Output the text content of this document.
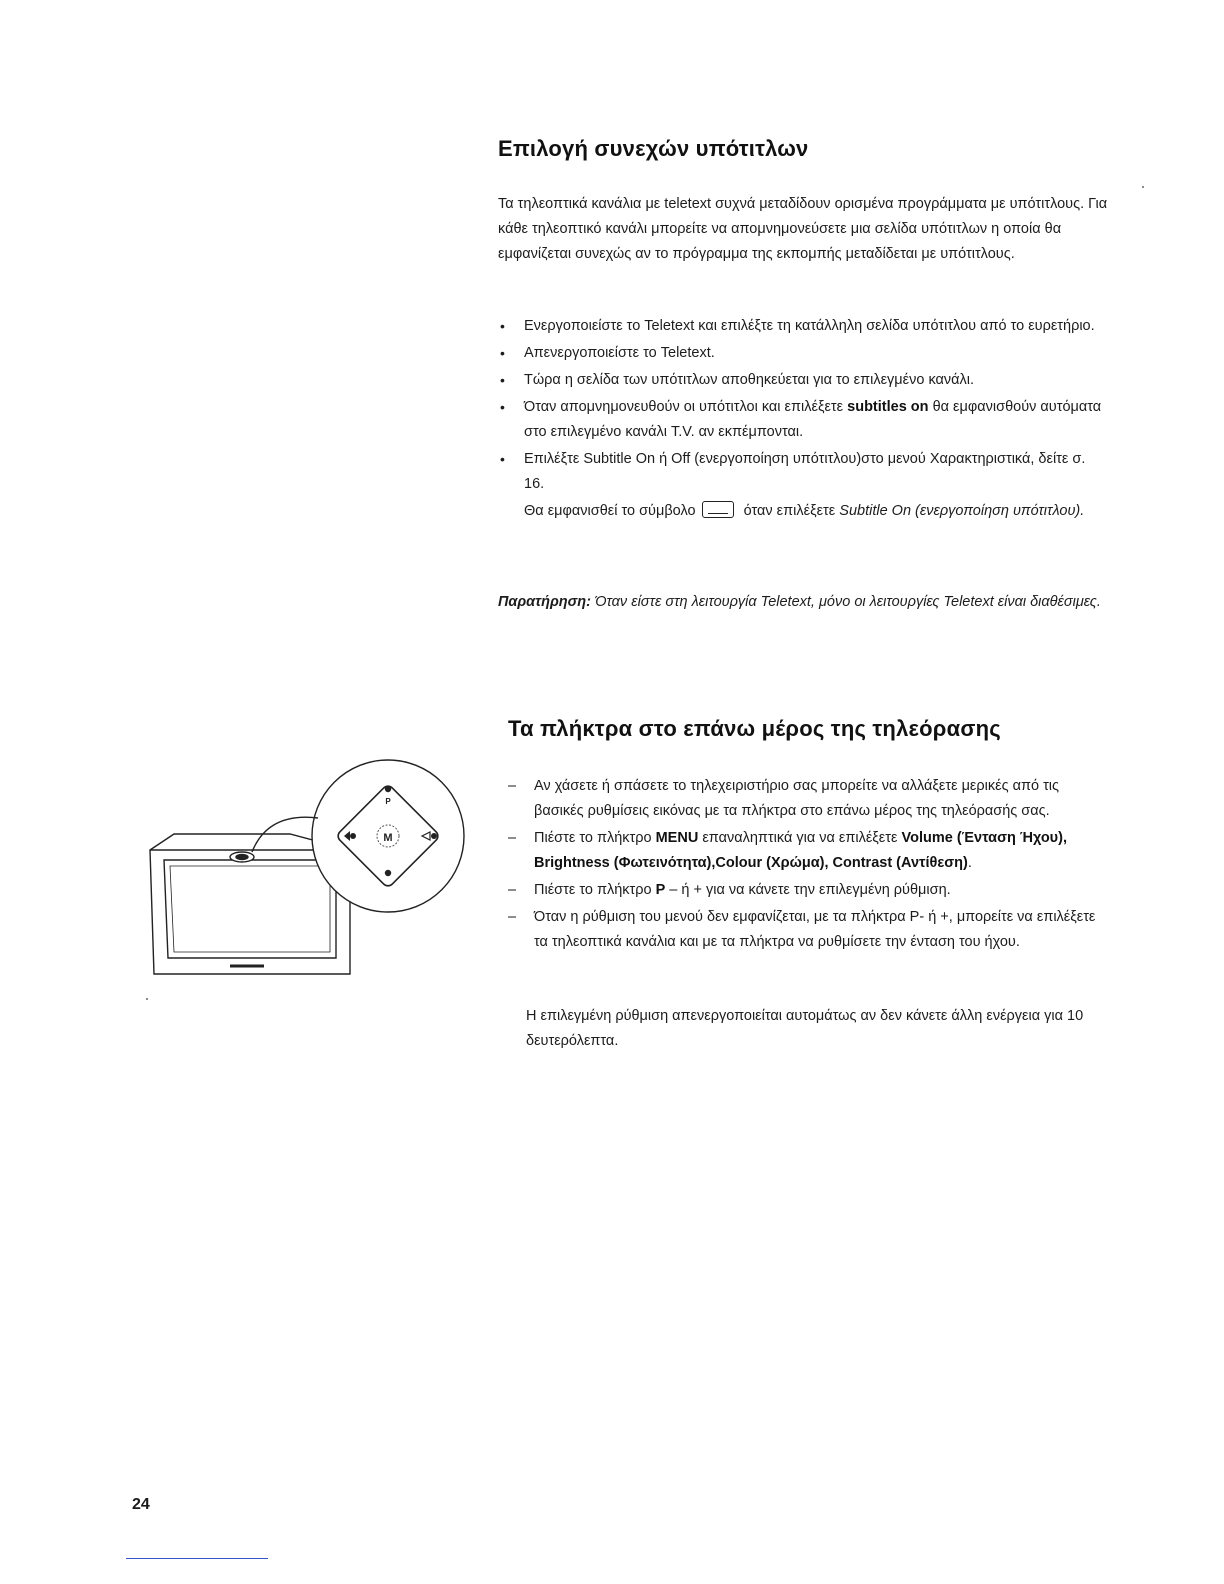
Επιλογή συνεχών υπότιτλων
Τα τηλεοπτικά κανάλια με teletext συχνά μεταδίδουν ορισμένα προγράμματα με υπότιτλους. Για κάθε τηλεοπτικό κανάλι μπορείτε να απομνημονεύσετε μια σελίδα υπότιτλων η οποία θα εμφανίζεται συνεχώς αν το πρόγραμμα της εκπομπής μεταδίδεται με υπότιτλους.
• Ενεργοποιείστε το Teletext και επιλέξτε τη κατάλληλη σελίδα υπότιτλου από το ευρετήριο.
• Απενεργοποιείστε το Teletext.
• Τώρα η σελίδα των υπότιτλων αποθηκεύεται για το επιλεγμένο κανάλι.
• Όταν απομνημονευθούν οι υπότιτλοι και επιλέξετε subtitles on θα εμφανισθούν αυτόματα στο επιλεγμένο κανάλι T.V. αν εκπέμπονται.
• Επιλέξτε Subtitle On ή Off (ενεργοποίηση υπότιτλου)στο μενού Χαρακτηριστικά, δείτε σ. 16.
Θα εμφανισθεί το σύμβολο	όταν επιλέξετε Subtitle On (ενεργοποίηση υπότιτλου).
Παρατήρηση: Όταν είστε στη λειτουργία Teletext, μόνο οι λειτουργίες Teletext είναι διαθέσιμες.
Τα πλήκτρα στο επάνω μέρος της τηλεόρασης
– Αν χάσετε ή σπάσετε το τηλεχειριστήριο σας μπορείτε να αλλάξετε μερικές από τις βασικές ρυθμίσεις εικόνας με τα πλήκτρα στο επάνω μέρος της τηλεόρασής σας.
– Πιέστε το πλήκτρο MENU επαναληπτικά για να επιλέξετε Volume (Ένταση Ήχου), Brightness (Φωτεινότητα),Colour (Χρώμα), Contrast (Αντίθεση).
– Πιέστε το πλήκτρο P – ή + για να κάνετε την επιλεγμένη ρύθμιση.
– Όταν η ρύθμιση του μενού δεν εμφανίζεται, με τα πλήκτρα P- ή +, μπορείτε να επιλέξετε τα τηλεοπτικά κανάλια και με τα πλήκτρα να ρυθμίσετε την ένταση του ήχου.
Η επιλεγμένη ρύθμιση απενεργοποιείται αυτομάτως αν δεν κάνετε άλλη ενέργεια για 10 δευτερόλεπτα.
M
P
24
